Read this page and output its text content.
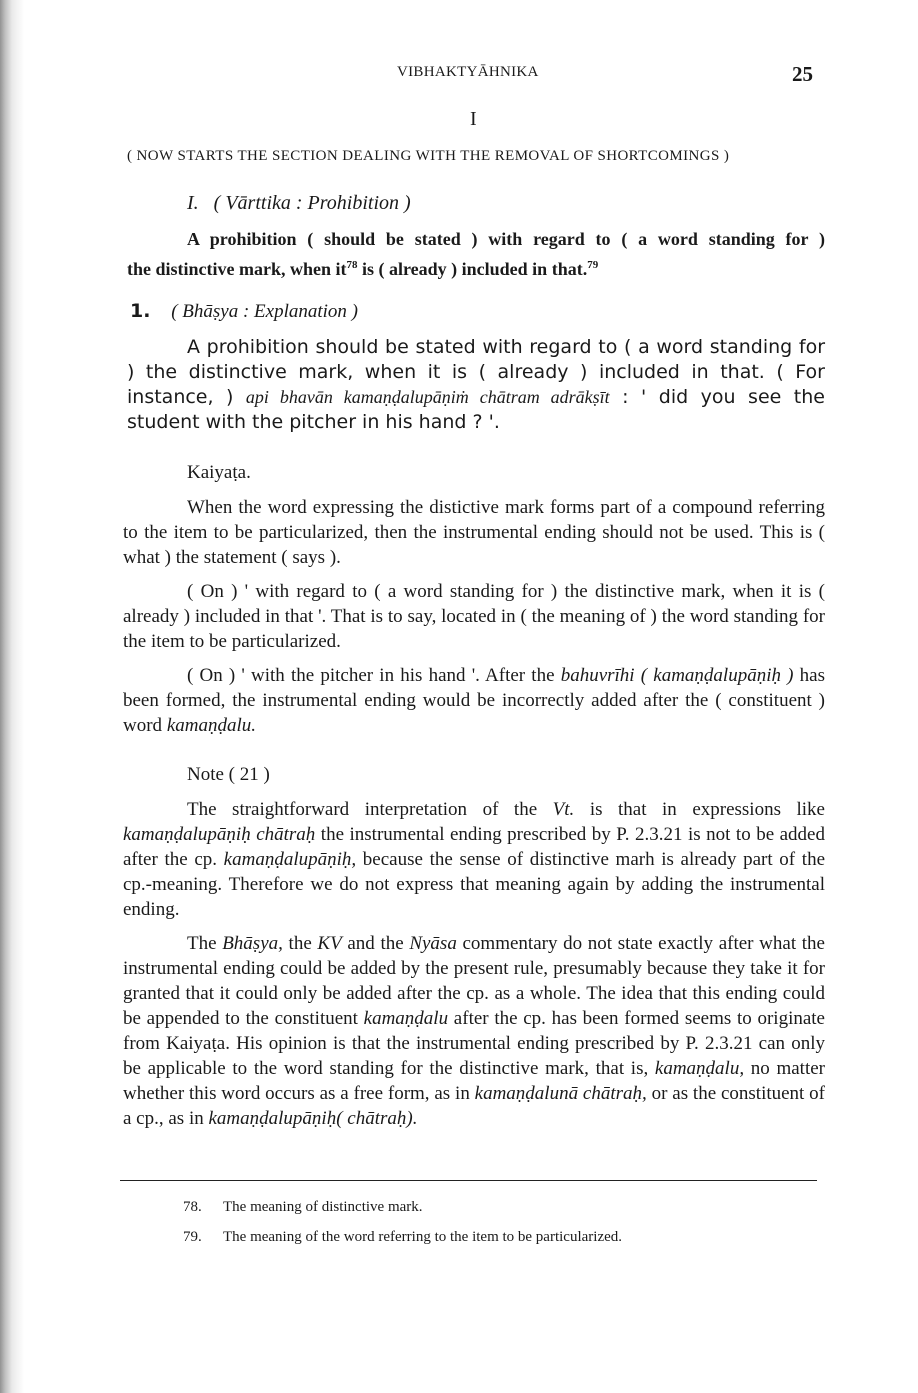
VIBHAKTYĀHNIKA	25
I
( NOW STARTS THE SECTION DEALING WITH THE REMOVAL OF SHORTCOMINGS )
I. ( Vārttika : Prohibition )
A prohibition ( should be stated ) with regard to ( a word standing for )
the distinctive mark, when $it^{78}$ is ( already ) included in that.$^{79}$
1. ( Bhāṣya : Explanation )

A prohibition should be stated with regard to ( a word standing for ) the distinctive mark, when it is ( already ) included in that. ( For instance, ) api bhavān kamaṇḍalupāṇiṁ chātram adrākṣīt : ' did you see the student with the pitcher in his hand ? '.

Kaiyaṭa.

When the word expressing the distictive mark forms part of a compound referring to the item to be particularized, then the instrumental ending should not be used. This is ( what ) the statement ( says ).

( On ) ' with regard to ( a word standing for ) the distinctive mark, when it is ( already ) included in that '. That is to say, located in ( the meaning of ) the word standing for the item to be particularized.

( On ) ' with the pitcher in his hand '. After the bahuvrīhi ( kamaṇḍalupāṇiḥ ) has been formed, the instrumental ending would be incorrectly added after the ( constituent ) word kamaṇḍalu.

Note ( 21 )

The straightforward interpretation of the Vt. is that in expressions like kamaṇḍalupāṇiḥ chātraḥ the instrumental ending prescribed by P. 2.3.21 is not to be added after the cp. kamaṇḍalupāṇiḥ, because the sense of distinctive marh is already part of the cp.-meaning. Therefore we do not express that meaning again by adding the instrumental ending.

The Bhāṣya, the KV and the Nyāsa commentary do not state exactly after what the instrumental ending could be added by the present rule, presumably because they take it for granted that it could only be added after the cp. as a whole. The idea that this ending could be appended to the constituent kamaṇḍalu after the cp. has been formed seems to originate from Kaiyaṭa. His opinion is that the instrumental ending prescribed by P. 2.3.21 can only be applicable to the word standing for the distinctive mark, that is, kamaṇḍalu, no matter whether this word occurs as a free form, as in kamaṇḍalunā chātraḥ, or as the constituent of a cp., as in kamaṇḍalupāṇiḥ( chātraḥ).

78. The meaning of distinctive mark.
79. The meaning of the word referring to the item to be particularized.
